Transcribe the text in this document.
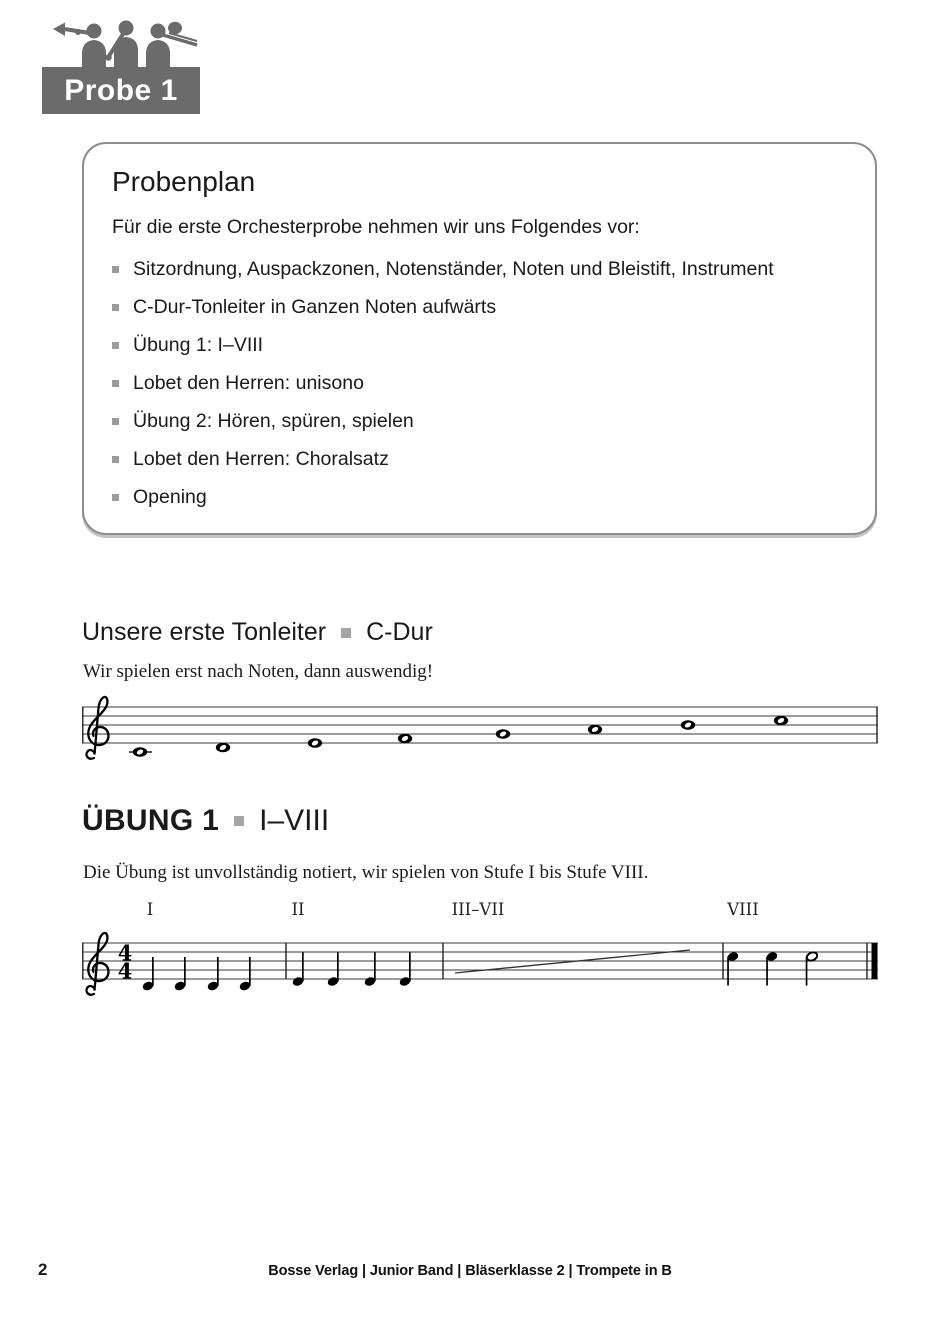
Probe 1
Probenplan

Für die erste Orchesterprobe nehmen wir uns Folgendes vor:

Sitzordnung, Auspackzonen, Notenständer, Noten und Bleistift, Instrument
C-Dur-Tonleiter in Ganzen Noten aufwärts
Übung 1: I–VIII
Lobet den Herren: unisono
Übung 2: Hören, spüren, spielen
Lobet den Herren: Choralsatz
Opening
Unsere erste Tonleiter C-Dur

Wir spielen erst nach Noten, dann auswendig!

ÜBUNG 1 I–VIII

Die Übung ist unvollständig notiert, wir spielen von Stufe I bis Stufe VIII.

I	II	III–VII	VIII
4
4
2	Bosse Verlag | Junior Band | Bläserklasse 2 | Trompete in B
